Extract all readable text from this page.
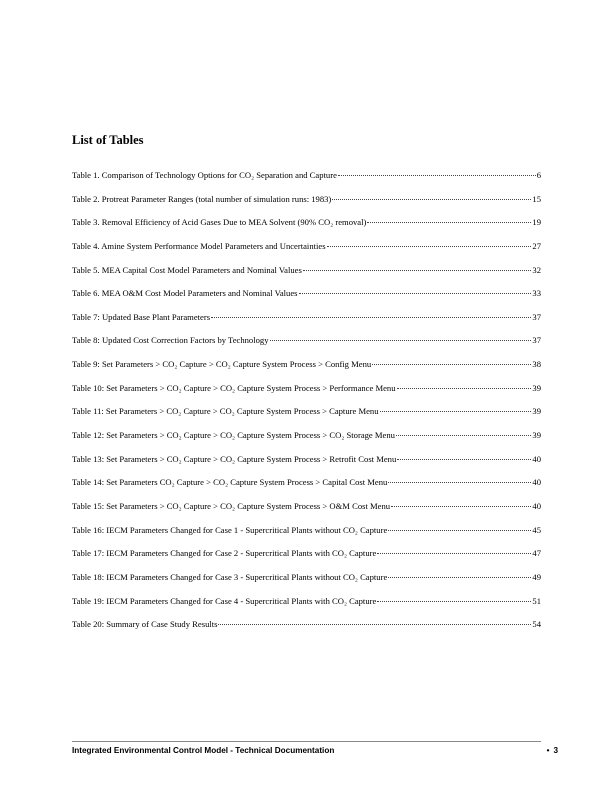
List of Tables
Table 1. Comparison of Technology Options for CO₂ Separation and Capture	6
Table 2. Protreat Parameter Ranges (total number of simulation runs: 1983)	15
Table 3. Removal Efficiency of Acid Gases Due to MEA Solvent (90% CO₂ removal)	19
Table 4. Amine System Performance Model Parameters and Uncertainties	27
Table 5. MEA Capital Cost Model Parameters and Nominal Values	32
Table 6. MEA O&M Cost Model Parameters and Nominal Values	33
Table 7: Updated Base Plant Parameters	37
Table 8: Updated Cost Correction Factors by Technology	37
Table 9: Set Parameters > CO₂ Capture > CO₂ Capture System Process > Config Menu	38
Table 10: Set Parameters > CO₂ Capture > CO₂ Capture System Process > Performance Menu	39
Table 11: Set Parameters > CO₂ Capture > CO₂ Capture System Process > Capture Menu	39
Table 12: Set Parameters > CO₂ Capture > CO₂ Capture System Process > CO₂ Storage Menu	39
Table 13: Set Parameters > CO₂ Capture > CO₂ Capture System Process > Retrofit Cost Menu	40
Table 14: Set Parameters CO₂ Capture > CO₂ Capture System Process > Capital Cost Menu	40
Table 15: Set Parameters > CO₂ Capture > CO₂ Capture System Process > O&M Cost Menu	40
Table 16: IECM Parameters Changed for Case 1 - Supercritical Plants without CO₂ Capture	45
Table 17: IECM Parameters Changed for Case 2 - Supercritical Plants with CO₂ Capture	47
Table 18: IECM Parameters Changed for Case 3 - Supercritical Plants without CO₂ Capture	49
Table 19: IECM Parameters Changed for Case 4 - Supercritical Plants with CO₂ Capture	51
Table 20: Summary of Case Study Results	54
Integrated Environmental Control Model - Technical Documentation	• 3
